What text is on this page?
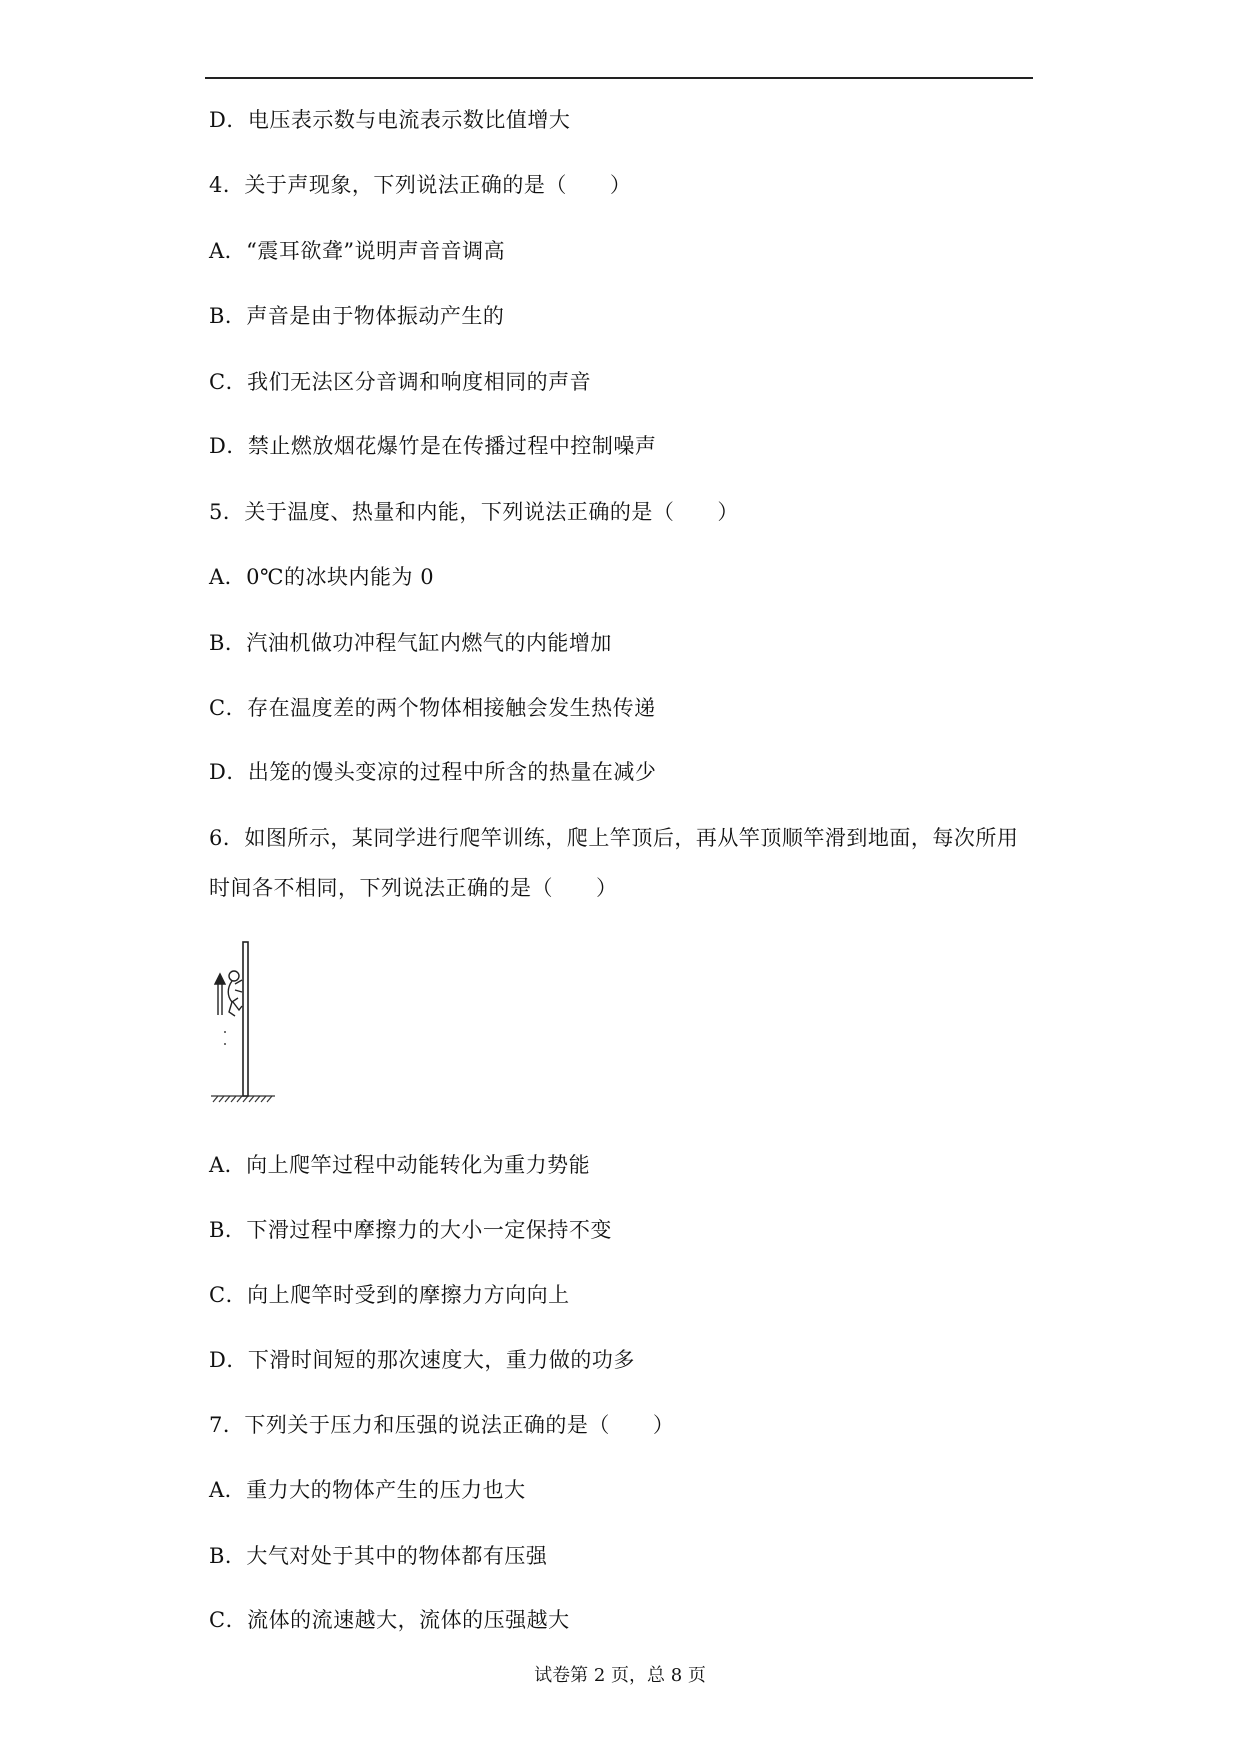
D．电压表示数与电流表示数比值增大
4．关于声现象，下列说法正确的是（　　）
A．“震耳欲聋”说明声音音调高
B．声音是由于物体振动产生的
C．我们无法区分音调和响度相同的声音
D．禁止燃放烟花爆竹是在传播过程中控制噪声
5．关于温度、热量和内能，下列说法正确的是（　　）
A．0℃的冰块内能为 0
B．汽油机做功冲程气缸内燃气的内能增加
C．存在温度差的两个物体相接触会发生热传递
D．出笼的馒头变凉的过程中所含的热量在减少
6．如图所示，某同学进行爬竿训练，爬上竿顶后，再从竿顶顺竿滑到地面，每次所用
时间各不相同，下列说法正确的是（　　）
A．向上爬竿过程中动能转化为重力势能
B．下滑过程中摩擦力的大小一定保持不变
C．向上爬竿时受到的摩擦力方向向上
D．下滑时间短的那次速度大，重力做的功多
7．下列关于压力和压强的说法正确的是（　　）
A．重力大的物体产生的压力也大
B．大气对处于其中的物体都有压强
C．流体的流速越大，流体的压强越大
试卷第 2 页，总 8 页
